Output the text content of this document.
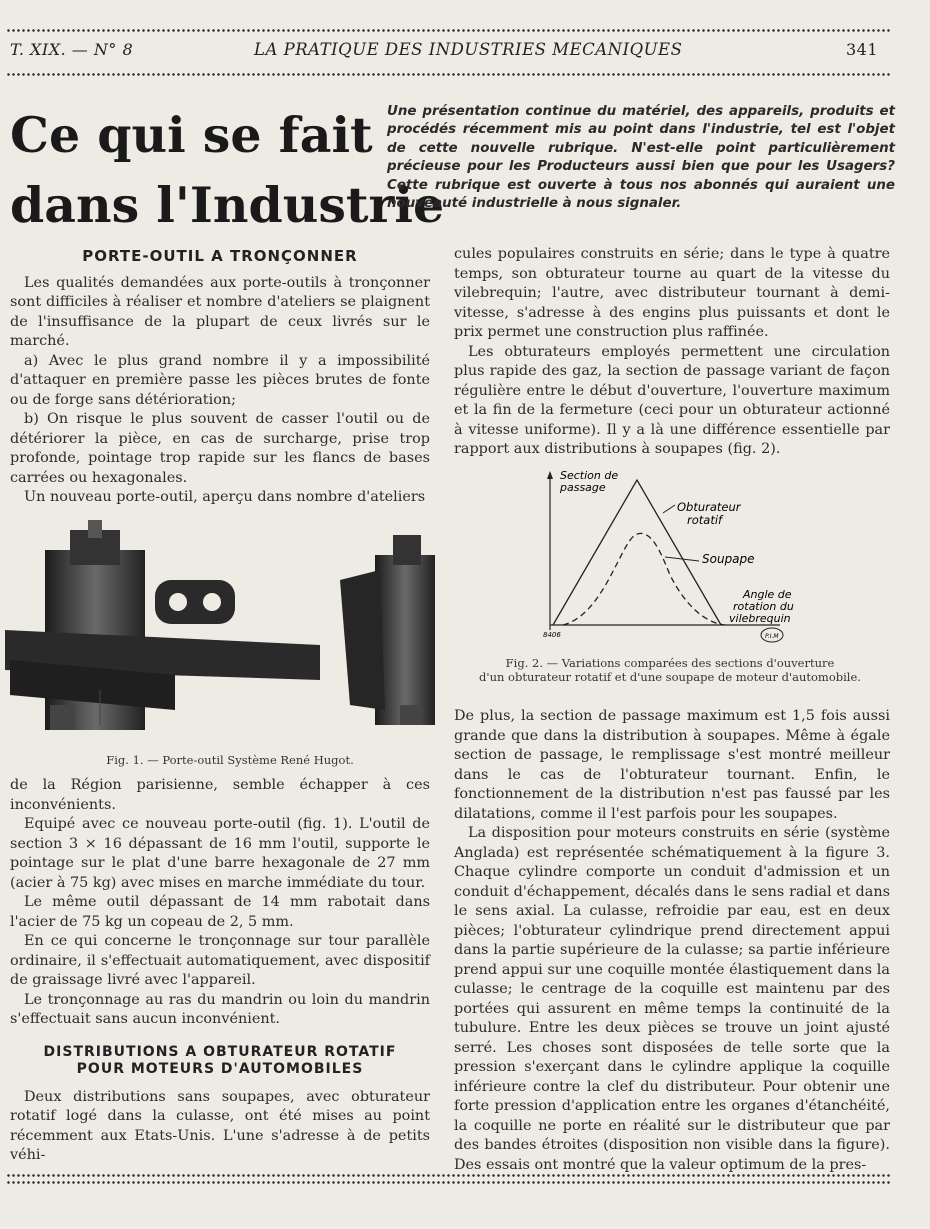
T. XIX. — N° 8	LA PRATIQUE DES INDUSTRIES MECANIQUES	341
Ce qui se fait
dans l'Industrie
Une présentation continue du matériel, des appareils, produits et procédés récemment mis au point dans l'industrie, tel est l'objet de cette nouvelle rubrique. N'est-elle point particulièrement précieuse pour les Producteurs aussi bien que pour les Usagers? Cette rubrique est ouverte à tous nos abonnés qui auraient une nouveauté industrielle à nous signaler.
PORTE-OUTIL A TRONÇONNER

Les qualités demandées aux porte-outils à tronçonner sont difficiles à réaliser et nombre d'ateliers se plaignent de l'insuffisance de la plupart de ceux livrés sur le marché.

a) Avec le plus grand nombre il y a impossibilité d'attaquer en première passe les pièces brutes de fonte ou de forge sans détérioration;

b) On risque le plus souvent de casser l'outil ou de détériorer la pièce, en cas de surcharge, prise trop profonde, pointage trop rapide sur les flancs de bases carrées ou hexagonales.

Un nouveau porte-outil, aperçu dans nombre d'ateliers

Fig. 1. — Porte-outil Système René Hugot.

de la Région parisienne, semble échapper à ces inconvénients.

Equipé avec ce nouveau porte-outil (fig. 1). L'outil de section 3 × 16 dépassant de 16 mm l'outil, supporte le pointage sur le plat d'une barre hexagonale de 27 mm (acier à 75 kg) avec mises en marche immédiate du tour.

Le même outil dépassant de 14 mm rabotait dans l'acier de 75 kg un copeau de 2, 5 mm.

En ce qui concerne le tronçonnage sur tour parallèle ordinaire, il s'effectuait automatiquement, avec dispositif de graissage livré avec l'appareil.

Le tronçonnage au ras du mandrin ou loin du mandrin s'effectuait sans aucun inconvénient.

DISTRIBUTIONS A OBTURATEUR ROTATIF
POUR MOTEURS D'AUTOMOBILES

Deux distributions sans soupapes, avec obturateur rotatif logé dans la culasse, ont été mises au point récemment aux Etats-Unis. L'une s'adresse à de petits véhi-

cules populaires construits en série; dans le type à quatre temps, son obturateur tourne au quart de la vitesse du vilebrequin; l'autre, avec distributeur tournant à demi-vitesse, s'adresse à des engins plus puissants et dont le prix permet une construction plus raffinée.

Les obturateurs employés permettent une circulation plus rapide des gaz, la section de passage variant de façon régulière entre le début d'ouverture, l'ouverture maximum et la fin de la fermeture (ceci pour un obturateur actionné à vitesse uniforme). Il y a là une différence essentielle par rapport aux distributions à soupapes (fig. 2).

Section de
passage
Obturateur
rotatif
Soupape
Angle de
rotation du
vilebrequin
8406	P.I.M
Fig. 2. — Variations comparées des sections d'ouverture
d'un obturateur rotatif et d'une soupape de moteur d'automobile.

De plus, la section de passage maximum est 1,5 fois aussi grande que dans la distribution à soupapes. Même à égale section de passage, le remplissage s'est montré meilleur dans le cas de l'obturateur tournant. Enfin, le fonctionnement de la distribution n'est pas faussé par les dilatations, comme il l'est parfois pour les soupapes.

La disposition pour moteurs construits en série (système Anglada) est représentée schématiquement à la figure 3. Chaque cylindre comporte un conduit d'admission et un conduit d'échappement, décalés dans le sens radial et dans le sens axial. La culasse, refroidie par eau, est en deux pièces; l'obturateur cylindrique prend directement appui dans la partie supérieure de la culasse; sa partie inférieure prend appui sur une coquille montée élastiquement dans la culasse; le centrage de la coquille est maintenu par des portées qui assurent en même temps la continuité de la tubulure. Entre les deux pièces se trouve un joint ajusté serré. Les choses sont disposées de telle sorte que la pression s'exerçant dans le cylindre applique la coquille inférieure contre la clef du distributeur. Pour obtenir une forte pression d'application entre les organes d'étanchéité, la coquille ne porte en réalité sur le distributeur que par des bandes étroites (disposition non visible dans la figure). Des essais ont montré que la valeur optimum de la pres-
